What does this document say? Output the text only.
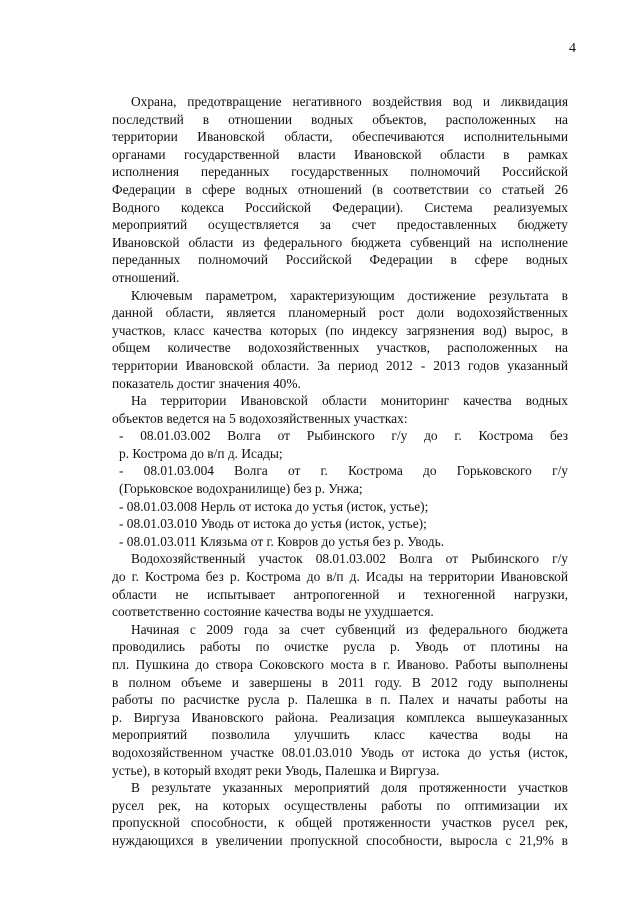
4
Охрана, предотвращение негативного воздействия вод и ликвидация
последствий в отношении водных объектов, расположенных на
территории Ивановской области, обеспечиваются исполнительными
органами государственной власти Ивановской области в рамках
исполнения переданных государственных полномочий Российской
Федерации в сфере водных отношений (в соответствии со статьей 26
Водного кодекса Российской Федерации). Система реализуемых
мероприятий осуществляется за счет предоставленных бюджету
Ивановской области из федерального бюджета субвенций на исполнение
переданных полномочий Российской Федерации в сфере водных
отношений.
Ключевым параметром, характеризующим достижение результата в
данной области, является планомерный рост доли водохозяйственных
участков, класс качества которых (по индексу загрязнения вод) вырос, в
общем количестве водохозяйственных участков, расположенных на
территории Ивановской области. За период 2012 - 2013 годов указанный
показатель достиг значения 40%.
На территории Ивановской области мониторинг качества водных
объектов ведется на 5 водохозяйственных участках:
- 08.01.03.002 Волга от Рыбинского г/у до г. Кострома без
р. Кострома до в/п д. Исады;
- 08.01.03.004 Волга от г. Кострома до Горьковского г/у
(Горьковское водохранилище) без р. Унжа;
- 08.01.03.008 Нерль от истока до устья (исток, устье);
- 08.01.03.010 Уводь от истока до устья (исток, устье);
- 08.01.03.011 Клязьма от г. Ковров до устья без р. Уводь.
Водохозяйственный участок 08.01.03.002 Волга от Рыбинского г/у
до г. Кострома без р. Кострома до в/п д. Исады на территории Ивановской
области не испытывает антропогенной и техногенной нагрузки,
соответственно состояние качества воды не ухудшается.
Начиная с 2009 года за счет субвенций из федерального бюджета
проводились работы по очистке русла р. Уводь от плотины на
пл. Пушкина до створа Соковского моста в г. Иваново. Работы выполнены
в полном объеме и завершены в 2011 году. В 2012 году выполнены
работы по расчистке русла р. Палешка в п. Палех и начаты работы на
р. Виргуза Ивановского района. Реализация комплекса вышеуказанных
мероприятий позволила улучшить класс качества воды на
водохозяйственном участке 08.01.03.010 Уводь от истока до устья (исток,
устье), в который входят реки Уводь, Палешка и Виргуза.
В результате указанных мероприятий доля протяженности участков
русел рек, на которых осуществлены работы по оптимизации их
пропускной способности, к общей протяженности участков русел рек,
нуждающихся в увеличении пропускной способности, выросла с 21,9% в
